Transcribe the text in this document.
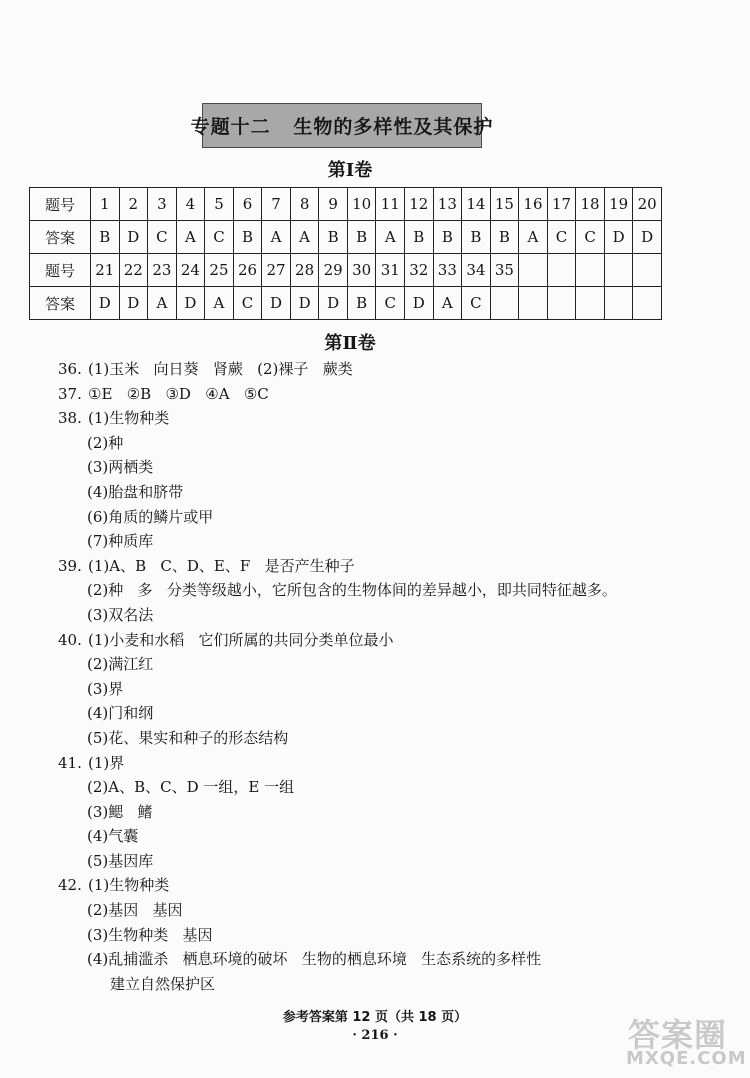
专题十二   生物的多样性及其保护
第Ⅰ卷
题号	1	2	3	4	5	6	7	8	9	10	11	12	13	14	15	16	17	18	19	20
答案	B	D	C	A	C	B	A	A	B	B	A	B	B	B	B	A	C	C	D	D
题号	21	22	23	24	25	26	27	28	29	30	31	32	33	34	35					
答案	D	D	A	D	A	C	D	D	D	B	C	D	A	C						
第Ⅱ卷
36. (1)玉米   向日葵   肾蕨   (2)裸子   蕨类
37. ①E   ②B   ③D   ④A   ⑤C
38. (1)生物种类
(2)种
(3)两栖类
(4)胎盘和脐带
(6)角质的鳞片或甲
(7)种质库
39. (1)A、B   C、D、E、F   是否产生种子
(2)种   多   分类等级越小，它所包含的生物体间的差异越小，即共同特征越多。
(3)双名法
40. (1)小麦和水稻   它们所属的共同分类单位最小
(2)满江红
(3)界
(4)门和纲
(5)花、果实和种子的形态结构
41. (1)界
(2)A、B、C、D 一组，E 一组
(3)鳃   鳍
(4)气囊
(5)基因库
42. (1)生物种类
(2)基因   基因
(3)生物种类   基因
(4)乱捕滥杀   栖息环境的破坏   生物的栖息环境   生态系统的多样性
建立自然保护区
参考答案第 12 页（共 18 页）
· 216 ·	答案圈
MXQE.COM
